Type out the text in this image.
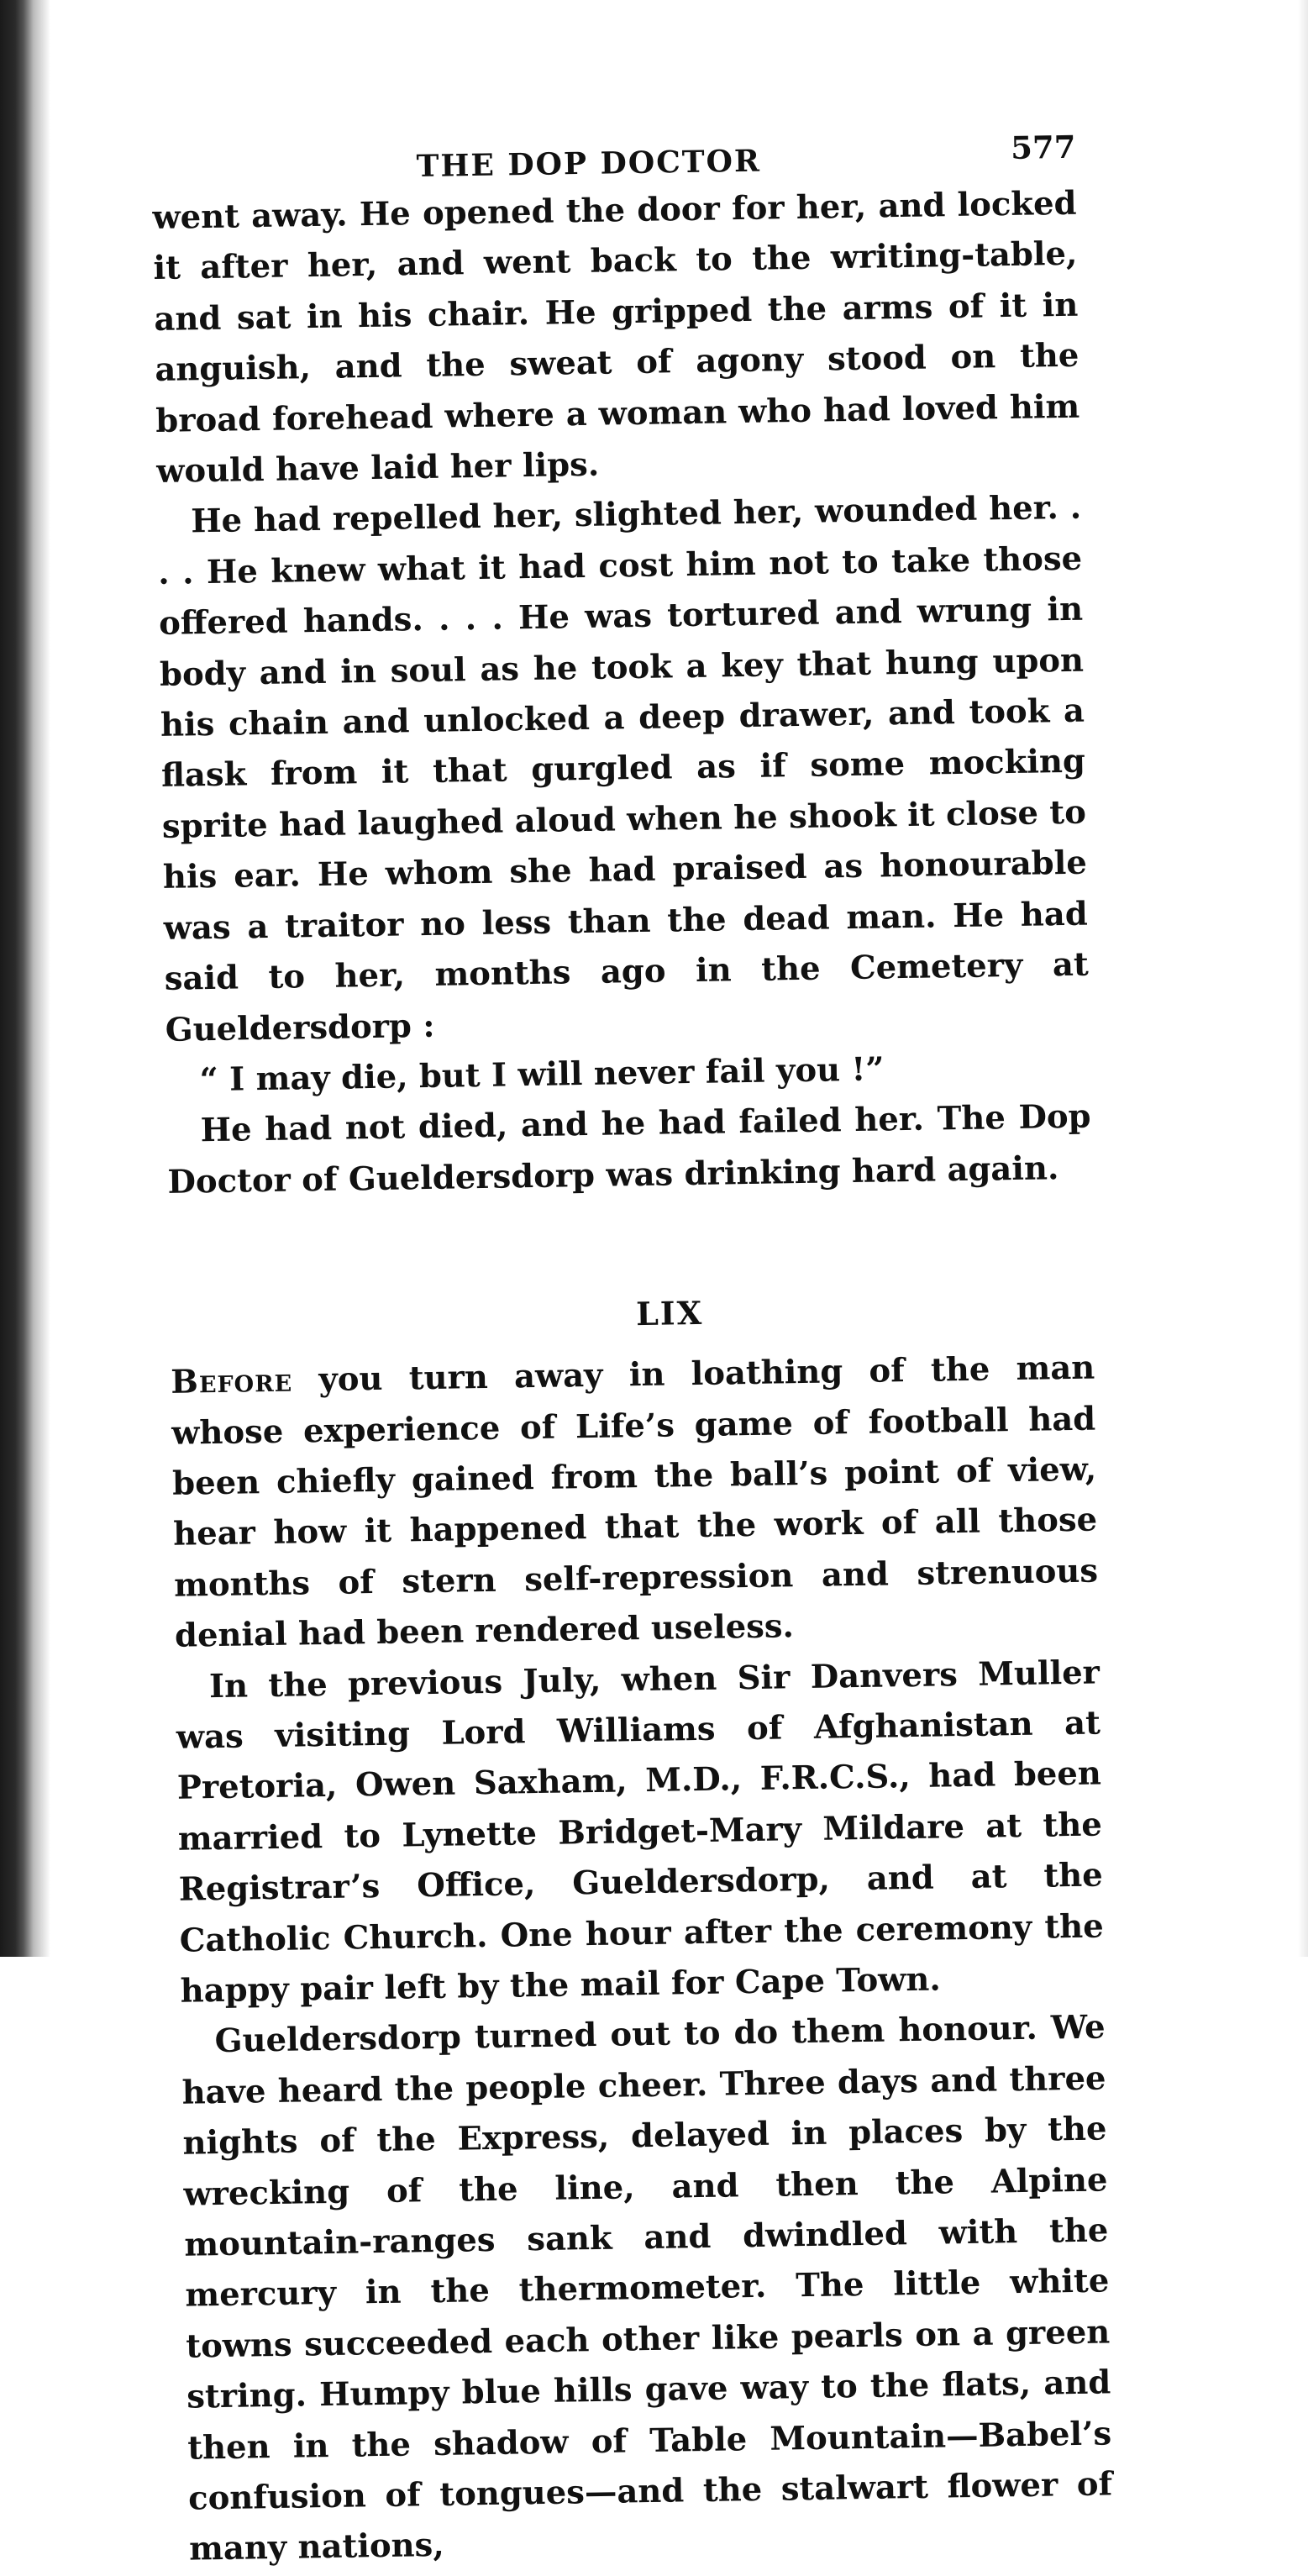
THE DOP DOCTOR	577

went away. He opened the door for her, and locked it after her, and went back to the writing-table, and sat in his chair. He gripped the arms of it in anguish, and the sweat of agony stood on the broad forehead where a woman who had loved him would have laid her lips.

He had repelled her, slighted her, wounded her. . . . He knew what it had cost him not to take those offered hands. . . . He was tortured and wrung in body and in soul as he took a key that hung upon his chain and unlocked a deep drawer, and took a flask from it that gurgled as if some mocking sprite had laughed aloud when he shook it close to his ear. He whom she had praised as honourable was a traitor no less than the dead man. He had said to her, months ago in the Cemetery at Gueldersdorp :

“ I may die, but I will never fail you !”

He had not died, and he had failed her. The Dop Doctor of Gueldersdorp was drinking hard again.

LIX

Before you turn away in loathing of the man whose experience of Life’s game of football had been chiefly gained from the ball’s point of view, hear how it happened that the work of all those months of stern self-repression and strenuous denial had been rendered useless.

In the previous July, when Sir Danvers Muller was visiting Lord Williams of Afghanistan at Pretoria, Owen Saxham, M.D., F.R.C.S., had been married to Lynette Bridget-Mary Mildare at the Registrar’s Office, Gueldersdorp, and at the Catholic Church. One hour after the ceremony the happy pair left by the mail for Cape Town.

Gueldersdorp turned out to do them honour. We have heard the people cheer. Three days and three nights of the Express, delayed in places by the wrecking of the line, and then the Alpine mountain-ranges sank and dwindled with the mercury in the thermometer. The little white towns succeeded each other like pearls on a green string. Humpy blue hills gave way to the flats, and then in the shadow of Table Mountain—Babel’s confusion of tongues—and the stalwart flower of many nations,
